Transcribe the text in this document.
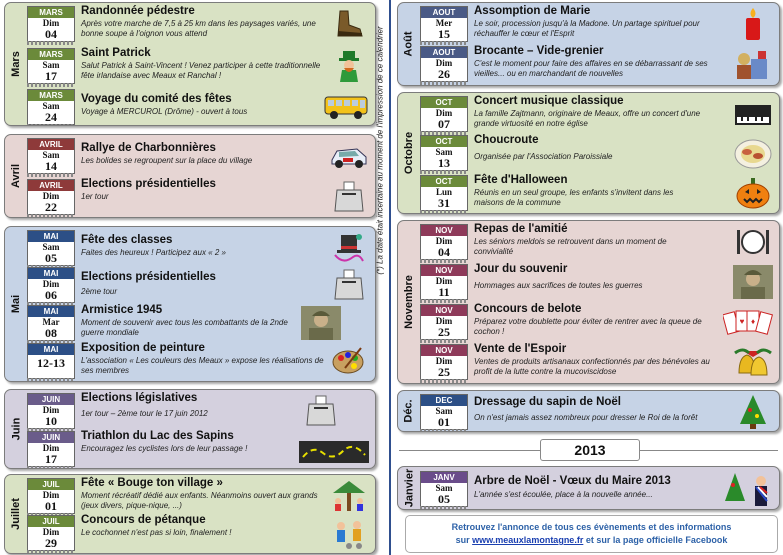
Mars
MARS
Dim
04
Randonnée pédestre
Après votre marche de 7,5 à 25 km dans les paysages variés, une bonne soupe à l'oignon vous attend
MARS
Sam
17
Saint Patrick
Salut Patrick à Saint-Vincent ! Venez participer à cette traditionnelle fête irlandaise avec Meaux et Ranchal !
MARS
Sam
24
Voyage du comité des fêtes
Voyage à MERCUROL (Drôme) - ouvert à tous
Avril
AVRIL
Sam
14
Rallye de Charbonnières
Les bolides se regroupent sur la place du village
AVRIL
Dim
22
Elections présidentielles
1er tour
Mai
MAI
Sam
05
Fête des classes
Faites des heureux ! Participez aux « 2 »
MAI
Dim
06
Elections présidentielles
2ème tour
MAI
Mar
08
Armistice 1945
Moment de souvenir avec tous les combattants de la 2nde guerre mondiale
MAI
12-13
Exposition de peinture
L'association « Les couleurs des Meaux » expose les réalisations de ses membres
Juin
JUIN
Dim
10
Elections législatives
1er tour – 2ème tour le 17 juin 2012
JUIN
Dim
17
Triathlon du Lac des Sapins
Encouragez les cyclistes lors de leur passage !
Juillet
JUIL
Dim
01
Fête « Bouge ton village »
Moment récréatif dédié aux enfants. Néanmoins ouvert aux grands (jeux divers, pique-nique, ...)
JUIL
Dim
29
Concours de pétanque
Le cochonnet n'est pas si loin, finalement !
(*) La date était incertaine au moment de l'impression de ce calendrier Août
AOUT
Mer
15
Assomption de Marie
Le soir, procession jusqu'à la Madone. Un partage spirituel pour réchauffer le cœur et l'Esprit
AOUT
Dim
26
Brocante – Vide-grenier
C'est le moment pour faire des affaires en se débarrassant de ses vieilles... ou en marchandant de nouvelles
Octobre
OCT
Dim
07
Concert musique classique
La famille Zajtmann, originaire de Meaux, offre un concert d'une grande virtuosité en notre église
OCT
Sam
13
Choucroute
Organisée par l'Association Paroissiale
OCT
Lun
31
Fête d'Halloween
Réunis en un seul groupe, les enfants s'invitent dans les maisons de la commune
Novembre
NOV
Dim
04
Repas de l'amitié
Les séniors meldois se retrouvent dans un moment de convivialité
NOV
Dim
11
Jour du souvenir
Hommages aux sacrifices de toutes les guerres
NOV
Dim
25
Concours de belote
Préparez votre doublette pour éviter de rentrer avec la queue de cochon !
♥ ♦
NOV
Dim
25
Vente de l'Espoir
Ventes de produits artisanaux confectionnés par des bénévoles au profit de la lutte contre la mucoviscidose
Déc.	DEC
Sam
01
Dressage du sapin de Noël
On n'est jamais assez nombreux pour dresser le Roi de la forêt
2013
Janvier	JANV
Sam
05
Arbre de Noël - Vœux du Maire 2013
L'année s'est écoulée, place à la nouvelle année...
Retrouvez l'annonce de tous ces évènements et des informations
sur www.meauxlamontagne.fr et sur la page officielle Facebook
